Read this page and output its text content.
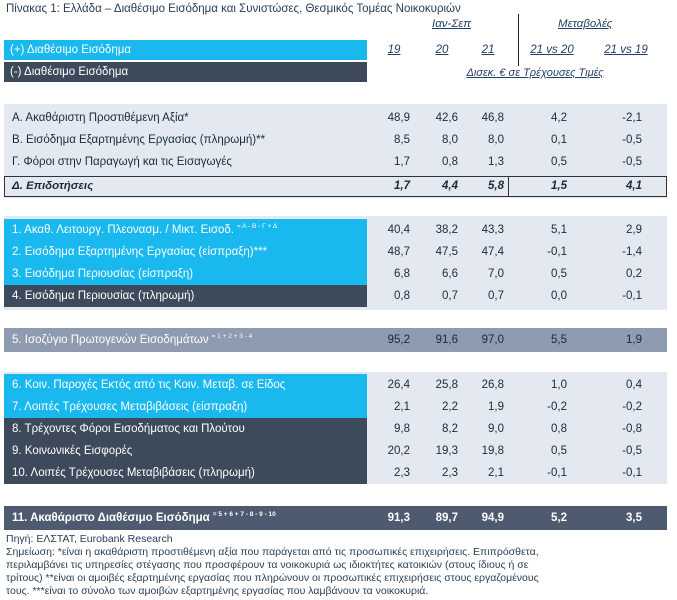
Πίνακας 1: Ελλάδα – Διαθέσιμο Εισόδημα και Συνιστώσες, Θεσμικός Τομέας Νοικοκυριών
Ιαν-Σεπ	Μεταβολές
(+) Διαθέσιμο Εισόδημα
(-) Διαθέσιμο Εισόδημα
19	20	21	21 vs 20	21 vs 19
Δισεκ. € σε Τρέχουσες Τιμές
Α. Ακαθάριστη Προστιθέμενη Αξία*	48,9	42,6	46,8	4,2	-2,1
Β. Εισόδημα Εξαρτημένης Εργασίας (πληρωμή)**	8,5	8,0	8,0	0,1	-0,5
Γ. Φόροι στην Παραγωγή και τις Εισαγωγές	1,7	0,8	1,3	0,5	-0,5
Δ. Επιδοτήσεις	1,7	4,4	5,8	1,5	4,1
1. Ακαθ. Λειτουργ. Πλεονασμ. / Μικτ. Εισοδ. $^{= A - B - \Gamma + \Delta}$	40,4	38,2	43,3	5,1	2,9
2. Εισόδημα Εξαρτημένης Εργασίας (είσπραξη)***	48,7	47,5	47,4	-0,1	-1,4
3. Εισόδημα Περιουσίας (είσπραξη)	6,8	6,6	7,0	0,5	0,2
4. Εισόδημα Περιουσίας (πληρωμή)	0,8	0,7	0,7	0,0	-0,1
5. Ισοζύγιο Πρωτογενών Εισοδημάτων $^{= 1 + 2 + 3 - 4}$	95,2	91,6	97,0	5,5	1,9
6. Κοιν. Παροχές Εκτός από τις Κοιν. Μεταβ. σε Είδος	26,4	25,8	26,8	1,0	0,4
7. Λοιπές Τρέχουσες Μεταβιβάσεις (είσπραξη)	2,1	2,2	1,9	-0,2	-0,2
8. Τρέχοντες Φόροι Εισοδήματος και Πλούτου	9,8	8,2	9,0	0,8	-0,8
9. Κοινωνικές Εισφορές	20,2	19,3	19,8	0,5	-0,5
10. Λοιπές Τρέχουσες Μεταβιβάσεις (πληρωμή)	2,3	2,3	2,1	-0,1	-0,1
11. Ακαθάριστο Διαθέσιμο Εισόδημα $^{= 5 + 6 + 7 - 8 - 9 - 10}$	91,3	89,7	94,9	5,2	3,5
Πηγή: ΕΛΣΤΑΤ, Eurobank Research
Σημείωση: *είναι η ακαθάριστη προστιθέμενη αξία που παράγεται από τις προσωπικές επιχειρήσεις. Επιπρόσθετα,
περιλαμβάνει τις υπηρεσίες στέγασης που προσφέρουν τα νοικοκυριά ως ιδιοκτήτες κατοικιών (στους ίδιους ή σε
τρίτους) **είναι οι αμοιβές εξαρτημένης εργασίας που πληρώνουν οι προσωπικές επιχειρήσεις στους εργαζομένους
τους. ***είναι το σύνολο των αμοιβών εξαρτημένης εργασίας που λαμβάνουν τα νοικοκυριά.
